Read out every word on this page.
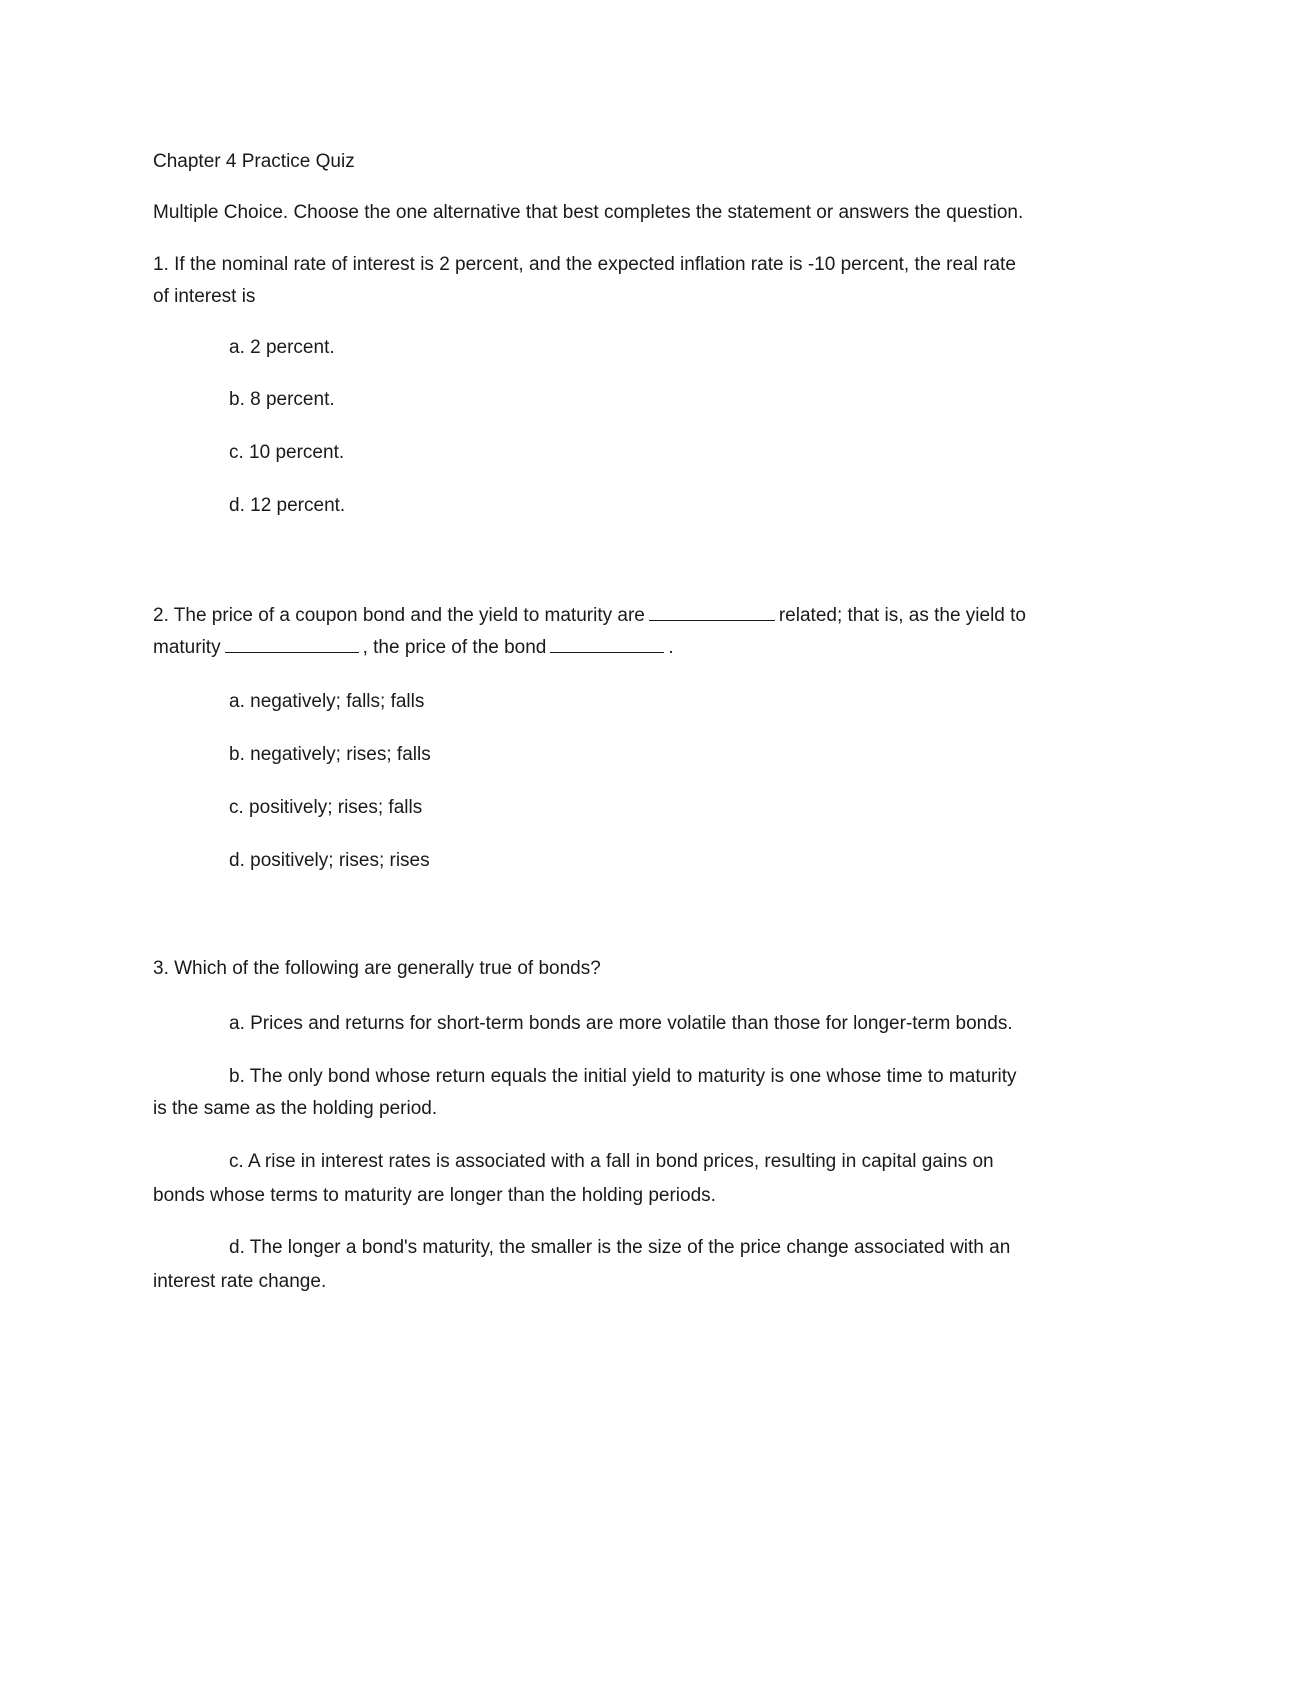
Chapter 4 Practice Quiz
Multiple Choice. Choose the one alternative that best completes the statement or answers the question.
1. If the nominal rate of interest is 2 percent, and the expected inflation rate is -10 percent, the real rate
of interest is
a. 2 percent.
b. 8 percent.
c. 10 percent.
d. 12 percent.
2. The price of a coupon bond and the yield to maturity are	related; that is, as the yield to
maturity	, the price of the bond	.
a. negatively; falls; falls
b. negatively; rises; falls
c. positively; rises; falls
d. positively; rises; rises
3. Which of the following are generally true of bonds?
a. Prices and returns for short-term bonds are more volatile than those for longer-term bonds.
b. The only bond whose return equals the initial yield to maturity is one whose time to maturity
is the same as the holding period.
c. A rise in interest rates is associated with a fall in bond prices, resulting in capital gains on
bonds whose terms to maturity are longer than the holding periods.
d. The longer a bond's maturity, the smaller is the size of the price change associated with an
interest rate change.
